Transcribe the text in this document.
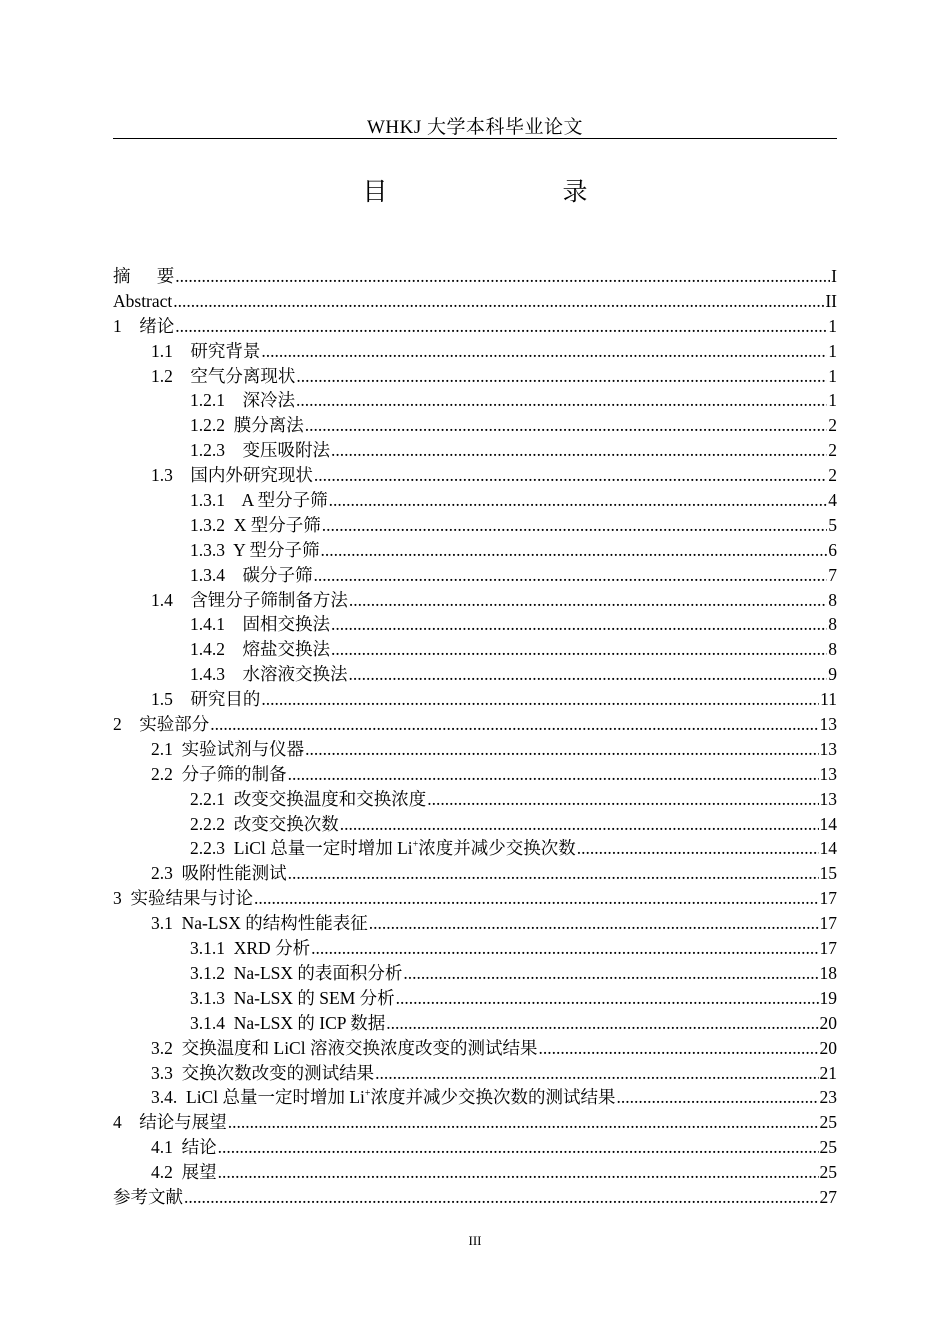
WHKJ 大学本科毕业论文
目    录
摘      要 .....	I
Abstract .....	II
1    绪论 .....	1
1.1    研究背景 .....	1
1.2    空气分离现状 .....	1
1.2.1    深冷法 .....	1
1.2.2  膜分离法 .....	2
1.2.3    变压吸附法 .....	2
1.3    国内外研究现状 .....	2
1.3.1    A 型分子筛 .....	4
1.3.2  X 型分子筛 .....	5
1.3.3  Y 型分子筛 .....	6
1.3.4    碳分子筛 .....	7
1.4    含锂分子筛制备方法 .....	8
1.4.1    固相交换法 .....	8
1.4.2    熔盐交换法 .....	8
1.4.3    水溶液交换法 .....	9
1.5    研究目的 .....	11
2    实验部分 .....	13
2.1  实验试剂与仪器 .....	13
2.2  分子筛的制备 .....	13
2.2.1  改变交换温度和交换浓度 .....	13
2.2.2  改变交换次数 .....	14
2.2.3  LiCl 总量一定时增加 Li+浓度并减少交换次数 .....	14
2.3  吸附性能测试 .....	15
3  实验结果与讨论 .....	17
3.1  Na-LSX 的结构性能表征 .....	17
3.1.1  XRD 分析 .....	17
3.1.2  Na-LSX 的表面积分析 .....	18
3.1.3  Na-LSX 的 SEM 分析 .....	19
3.1.4  Na-LSX 的 ICP 数据 .....	20
3.2  交换温度和 LiCl 溶液交换浓度改变的测试结果 .....	20
3.3  交换次数改变的测试结果 .....	21
3.4.  LiCl 总量一定时增加 Li+浓度并减少交换次数的测试结果 .....	23
4    结论与展望 .....	25
4.1  结论 .....	25
4.2  展望 .....	25
参考文献 .....	27
III
